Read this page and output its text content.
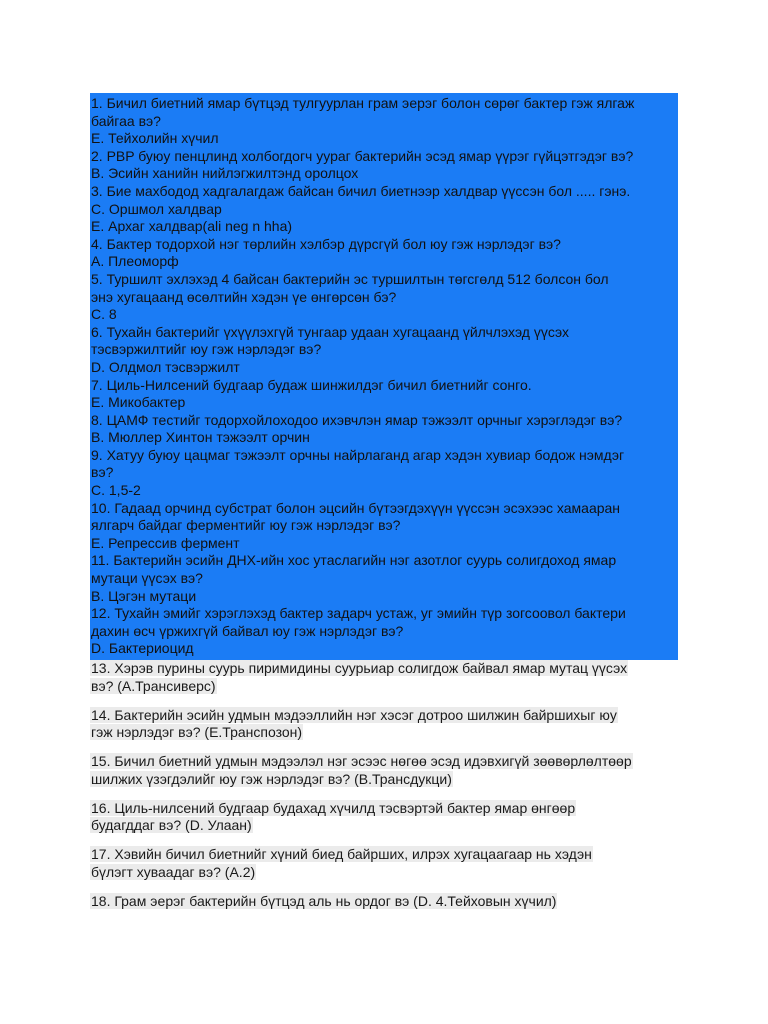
1. Бичил биетний ямар бүтцэд тулгуурлан грам эерэг болон сөрөг бактер гэж ялгаж
байгаа вэ?
E. Тейхолийн хүчил
2. PBP буюу пенцлинд холбогдогч уураг бактерийн эсэд ямар үүрэг гүйцэтгэдэг вэ?
B. Эсийн ханийн нийлэгжилтэнд оролцох
3. Бие махбодод хадгалагдаж байсан бичил биетнээр халдвар үүссэн бол ..... гэнэ.
C. Оршмол халдвар
E. Архаг халдвар(ali neg n hha)
4. Бактер тодорхой нэг төрлийн хэлбэр дүрсгүй бол юу гэж нэрлэдэг вэ?
A. Плеоморф
5. Туршилт эхлэхэд 4 байсан бактерийн эс туршилтын төгсгөлд 512 болсон бол
энэ хугацаанд өсөлтийн хэдэн үе өнгөрсөн бэ?
C. 8
6. Тухайн бактерийг үхүүлэхгүй тунгаар удаан хугацаанд үйлчлэхэд үүсэх
тэсвэржилтийг юу гэж нэрлэдэг вэ?
D. Олдмол тэсвэржилт
7. Циль-Нилсений будгаар будаж шинжилдэг бичил биетнийг сонго.
E. Микобактер
8. ЦАМФ тестийг тодорхойлоходоо ихэвчлэн ямар тэжээлт орчныг хэрэглэдэг вэ?
B. Мюллер Хинтон тэжээлт орчин
9. Хатуу буюу цацмаг тэжээлт орчны найрлаганд агар хэдэн хувиар бодож нэмдэг
вэ?
C. 1,5-2
10. Гадаад орчинд субстрат болон эцсийн бүтээгдэхүүн үүссэн эсэхээс хамааран
ялгарч байдаг ферментийг юу гэж нэрлэдэг вэ?
E. Репрессив фермент
11. Бактерийн эсийн ДНХ-ийн хос утаслагийн нэг азотлог суурь солигдоход ямар
мутаци үүсэх вэ?
B. Цэгэн мутаци
12. Тухайн эмийг хэрэглэхэд бактер задарч устаж, уг эмийн түр зогсоовол бактери
дахин өсч үржихгүй байвал юу гэж нэрлэдэг вэ?
D. Бактериоцид
13. Хэрэв пурины суурь пиримидины суурьиар солигдож байвал ямар мутац үүсэх
вэ? (A.Трансиверс)
14. Бактерийн эсийн удмын мэдээллийн нэг хэсэг дотроо шилжин байршихыг юу
гэж нэрлэдэг вэ? (E.Транспозон)
15. Бичил биетний удмын мэдээлэл нэг эсээс нөгөө эсэд идэвхигүй зөөвөрлөлтөөр
шилжих үзэгдэлийг юу гэж нэрлэдэг вэ? (B.Трансдукци)
16. Циль-нилсений будгаар будахад хүчилд тэсвэртэй бактер ямар өнгөөр
будагддаг вэ? (D. Улаан)
17. Хэвийн бичил биетнийг хүний биед байрших, илрэх хугацаагаар нь хэдэн
бүлэгт хуваадаг вэ? (A.2)
18. Грам эерэг бактерийн бүтцэд аль нь ордог вэ (D. 4.Тейховын хүчил)
